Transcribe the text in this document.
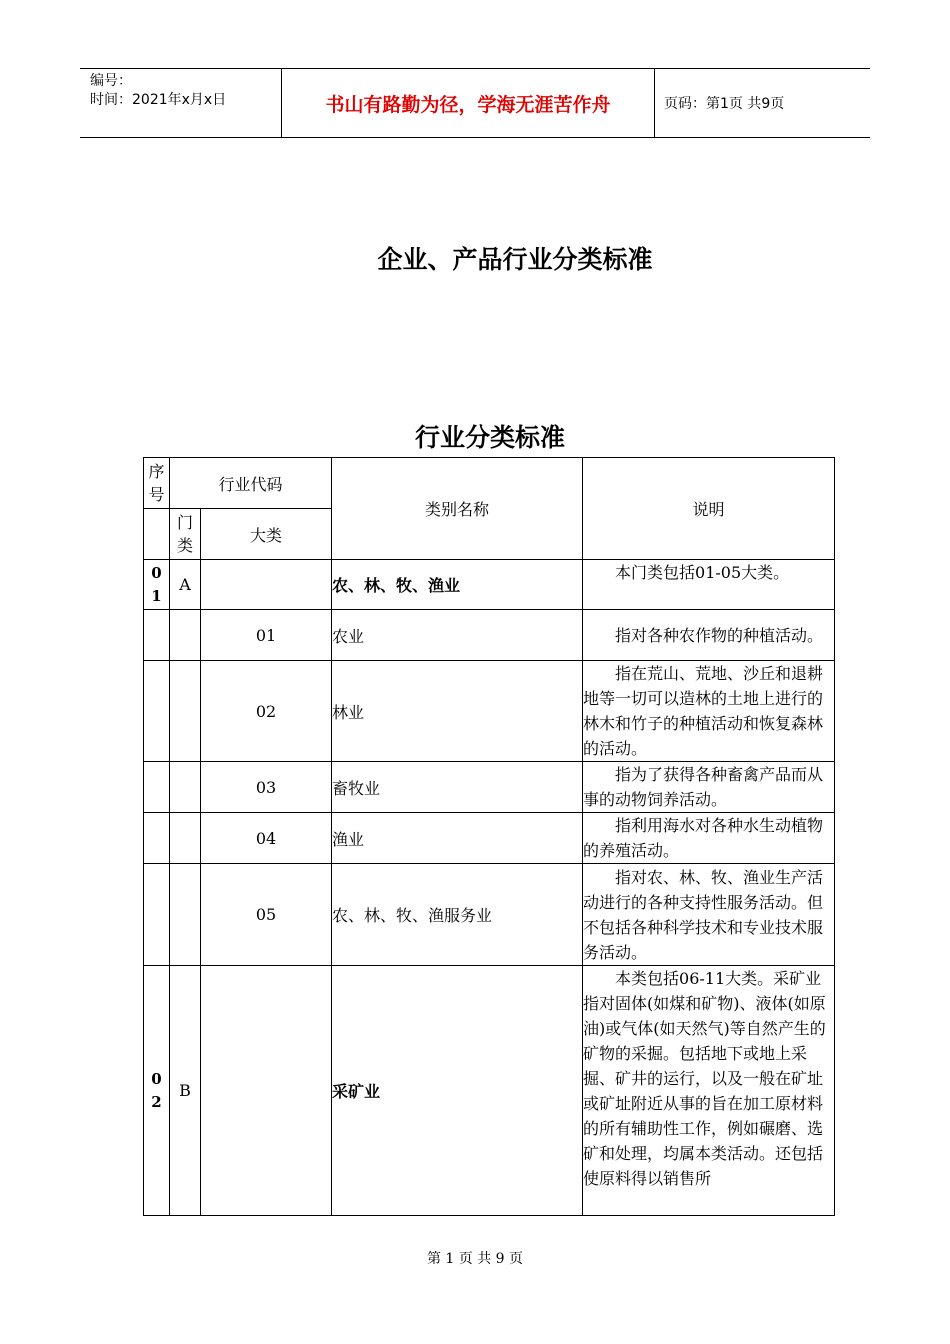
编号：
时间：2021年x月x日	书山有路勤为径，学海无涯苦作舟	页码：第1页 共9页
企业、产品行业分类标准
行业分类标准
序号	行业代码		类别名称	说明
	门类	大类		
01	A		农、林、牧、渔业	本门类包括01-05大类。
		01	农业	指对各种农作物的种植活动。
		02	林业	指在荒山、荒地、沙丘和退耕地等一切可以造林的土地上进行的林木和竹子的种植活动和恢复森林的活动。
		03	畜牧业	指为了获得各种畜禽产品而从事的动物饲养活动。
		04	渔业	指利用海水对各种水生动植物的养殖活动。
		05	农、林、牧、渔服务业	指对农、林、牧、渔业生产活动进行的各种支持性服务活动。但不包括各种科学技术和专业技术服务活动。
02	B		采矿业	本类包括06-11大类。采矿业指对固体(如煤和矿物)、液体(如原油)或气体(如天然气)等自然产生的矿物的采掘。包括地下或地上采掘、矿井的运行，以及一般在矿址或矿址附近从事的旨在加工原材料的所有辅助性工作，例如碾磨、选矿和处理，均属本类活动。还包括使原料得以销售所
第 1 页 共 9 页
